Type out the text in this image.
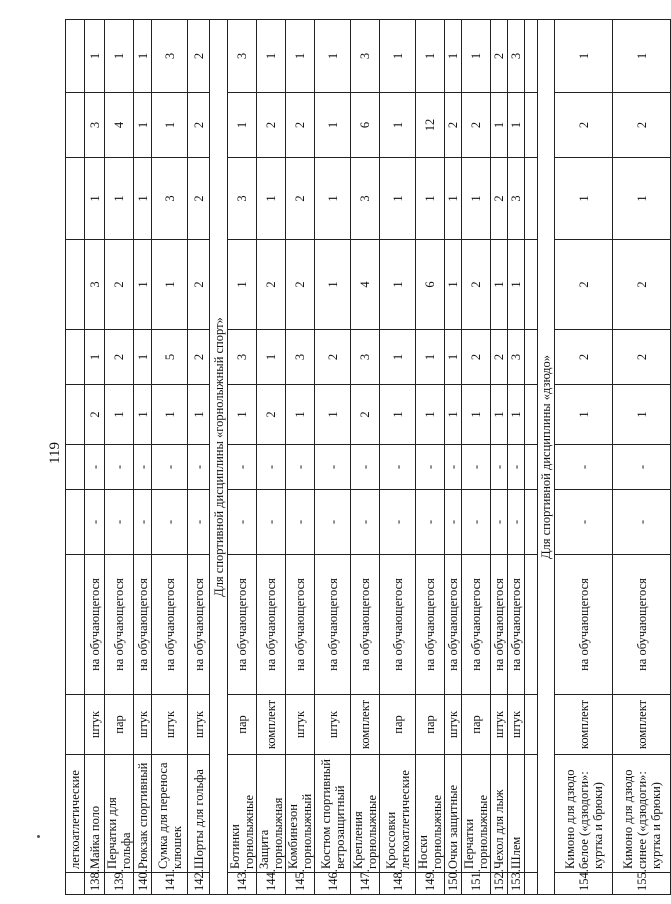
119
	легкоатлетические										
138.	Майка поло	штук	на обучающегося	-	-	2	1	3	1	3	1
139.	Перчатки для гольфа	пар	на обучающегося	-	-	1	2	2	1	4	1
140.	Рюкзак спортивный	штук	на обучающегося	-	-	1	1	1	1	1	1
141.	Сумка для переноса клюшек	штук	на обучающегося	-	-	1	5	1	3	1	3
142.	Шорты для гольфа	штук	на обучающегося	-	-	1	2	2	2	2	2
Для спортивной дисциплины «горнолыжный спорт»											
143.	Ботинки горнолыжные	пар	на обучающегося	-	-	1	3	1	3	1	3
144.	Защита горнолыжная	комплект	на обучающегося	-	-	2	1	2	1	2	1
145.	Комбинезон горнолыжный	штук	на обучающегося	-	-	1	3	2	2	2	1
146.	Костюм спортивный ветрозащитный	штук	на обучающегося	-	-	1	2	1	1	1	1
147.	Крепления горнолыжные	комплект	на обучающегося	-	-	2	3	4	3	6	3
148.	Кроссовки легкоатлетические	пар	на обучающегося	-	-	1	1	1	1	1	1
149.	Носки горнолыжные	пар	на обучающегося	-	-	1	1	6	1	12	1
150.	Очки защитные	штук	на обучающегося	-	-	1	1	1	1	2	1
151.	Перчатки горнолыжные	пар	на обучающегося	-	-	1	2	2	1	2	1
152.	Чехол для лыж	штук	на обучающегося	-	-	1	2	1	2	1	2
153.	Шлем	штук	на обучающегося	-	-	1	3	1	3	1	3

Для спортивной дисциплины «дзюдо»											
154.	Кимоно для дзюдо белое («дзюдоги»: куртка и брюки)	комплект	на обучающегося	-	-	1	2	2	1	2	1
155.	Кимоно для дзюдо синее («дзюдоги»: куртка и брюки)	комплект	на обучающегося	-	-	1	2	2	1	2	1
